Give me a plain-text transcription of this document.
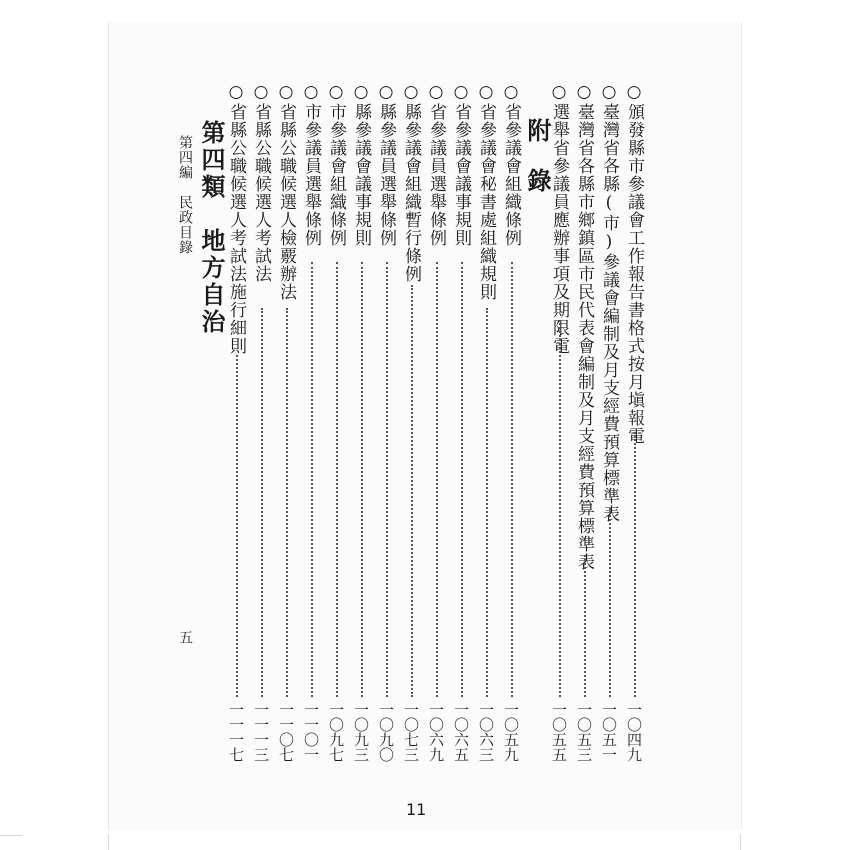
○頒發縣市參議會工作報告書格式按月塡報電
一〇四九
○臺灣省各縣(市)參議會編制及月支經費預算標準表
一〇五一
○臺灣省各縣市鄉鎮區市民代表會編制及月支經費預算標準表
一〇五三
○選舉省參議員應辦事項及期限電
一〇五五
附　錄
○省參議會組織條例
一〇五九
○省參議會秘書處組織規則
一〇六三
○省參議會議事規則
一〇六五
○省參議員選舉條例
一〇六九
○縣參議會組織暫行條例
一〇七三
○縣參議員選舉條例
一〇九〇
○縣參議會議事規則
一〇九三
○市參議會組織條例
一〇九七
○市參議員選舉條例
一一〇一
○省縣公職候選人檢覈辦法
一一〇七
○省縣公職候選人考試法
一一一三
○省縣公職候選人考試法施行細則
一一一七
第四類　地方自治
第四編　民政目錄
五
11
